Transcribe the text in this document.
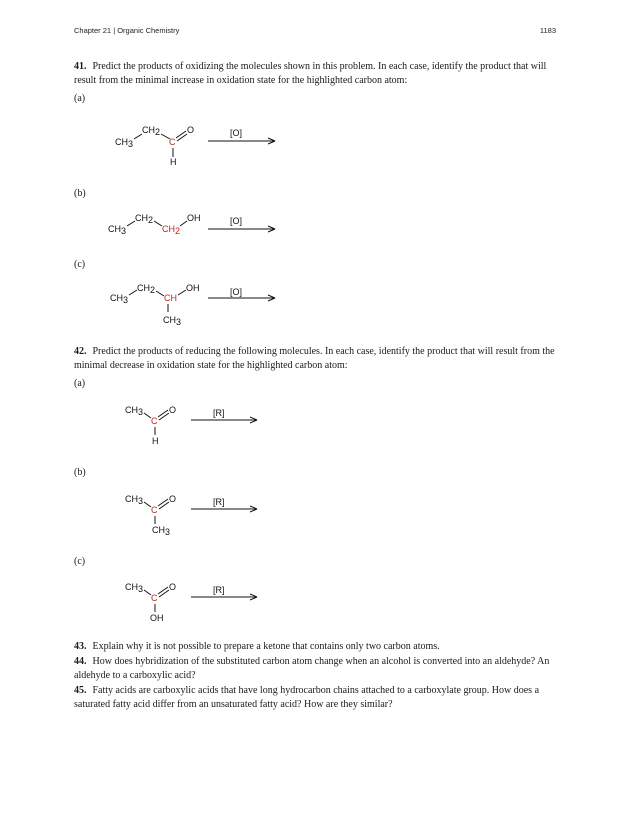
Chapter 21 | Organic Chemistry	1183
41. Predict the products of oxidizing the molecules shown in this problem. In each case, identify the product that will result from the minimal increase in oxidation state for the highlighted carbon atom:
(a)
CH3
CH2
C
O
H
[O]
(b)
CH3
CH2
CH2
OH	[O]
(c)
CH3
CH2
CH
OH
CH3
[O]
42. Predict the products of reducing the following molecules. In each case, identify the product that will result from the minimal decrease in oxidation state for the highlighted carbon atom:
(a)
CH3
C
O
H
[R]
(b)
CH3
C
O
CH3
[R]
(c)
CH3
C
O
OH
[R]
43. Explain why it is not possible to prepare a ketone that contains only two carbon atoms.
44. How does hybridization of the substituted carbon atom change when an alcohol is converted into an aldehyde? An aldehyde to a carboxylic acid?
45. Fatty acids are carboxylic acids that have long hydrocarbon chains attached to a carboxylate group. How does a saturated fatty acid differ from an unsaturated fatty acid? How are they similar?
